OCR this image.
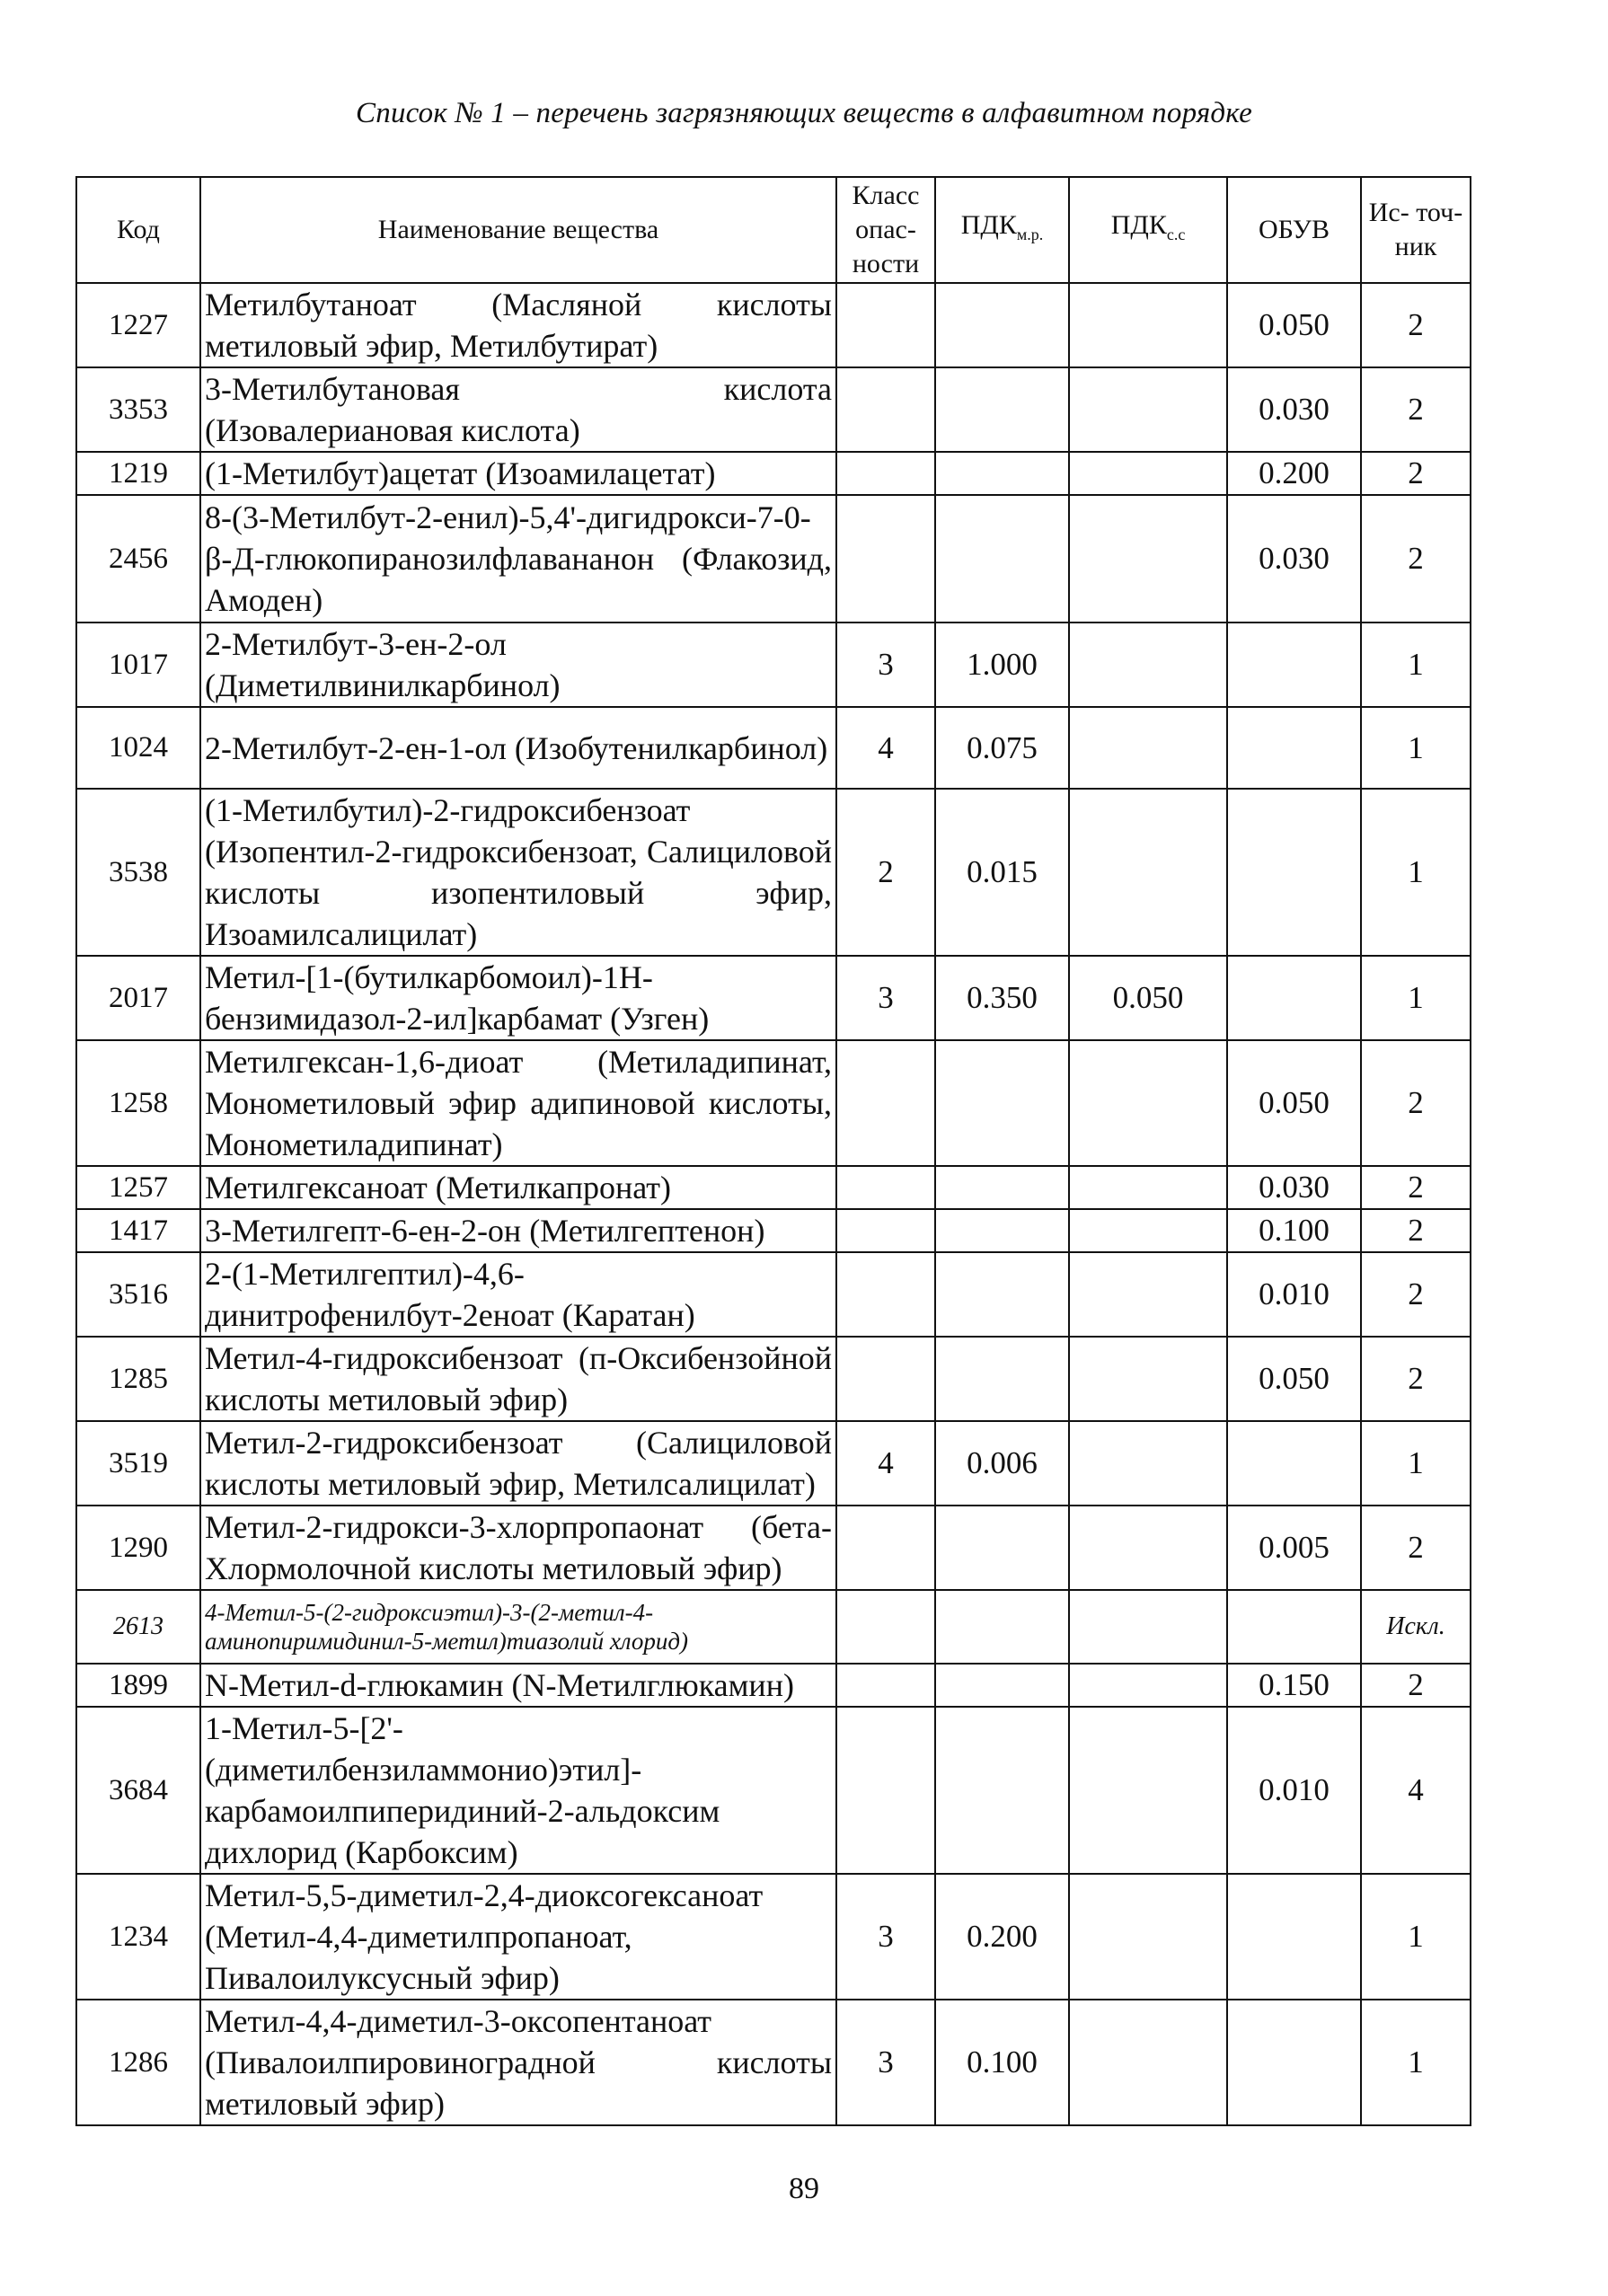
Список № 1 – перечень загрязняющих веществ в алфавитном порядке
Код	Наименование вещества	Класс опас- ности	$ПДК_{м.р.}$	$ПДК_{с.с}$	ОБУВ	Ис- точ- ник
1227	Метилбутаноат (Масляной кислоты метиловый эфир, Метилбутират)				0.050	2
3353	3-Метилбутановая кислота (Изовалериановая кислота)				0.030	2
1219	(1-Метилбут)ацетат (Изоамилацетат)				0.200	2
2456	8-(3-Метилбут-2-енил)-5,4'-дигидрокси-7-0-β-Д-глюкопиранозилфлавананон (Флакозид, Амоден)				0.030	2
1017	2-Метилбут-3-ен-2-ол (Диметилвинилкарбинол)	3	1.000			1
1024	2-Метилбут-2-ен-1-ол (Изобутенилкарбинол)	4	0.075			1
3538	(1-Метилбутил)-2-гидроксибензоат (Изопентил-2-гидроксибензоат, Салициловой кислоты изопентиловый эфир, Изоамилсалицилат)	2	0.015			1
2017	Метил-[1-(бутилкарбомоил)-1Н-бензимидазол-2-ил]карбамат (Узген)	3	0.350	0.050		1
1258	Метилгексан-1,6-диоат (Метиладипинат, Монометиловый эфир адипиновой кислоты, Монометиладипинат)				0.050	2
1257	Метилгексаноат (Метилкапронат)				0.030	2
1417	3-Метилгепт-6-ен-2-он (Метилгептенон)				0.100	2
3516	2-(1-Метилгептил)-4,6-динитрофенилбут-2еноат (Каратан)				0.010	2
1285	Метил-4-гидроксибензоат (п-Оксибензойной кислоты метиловый эфир)				0.050	2
3519	Метил-2-гидроксибензоат (Салициловой кислоты метиловый эфир, Метилсалицилат)	4	0.006			1
1290	Метил-2-гидрокси-3-хлорпропаонат (бета-Хлормолочной кислоты метиловый эфир)				0.005	2
2613	4-Метил-5-(2-гидроксиэтил)-3-(2-метил-4-аминопиримидинил-5-метил)тиазолий хлорид)					Искл.
1899	N-Метил-d-глюкамин (N-Метилглюкамин)				0.150	2
3684	1-Метил-5-[2'-(диметилбензиламмонио)этил]-карбамоилпиперидиний-2-альдоксим дихлорид (Карбоксим)				0.010	4
1234	Метил-5,5-диметил-2,4-диоксогексаноат (Метил-4,4-диметилпропаноат, Пивалоилуксусный эфир)	3	0.200			1
1286	Метил-4,4-диметил-3-оксопентаноат (Пивалоилпировиноградной кислоты метиловый эфир)	3	0.100			1
89
